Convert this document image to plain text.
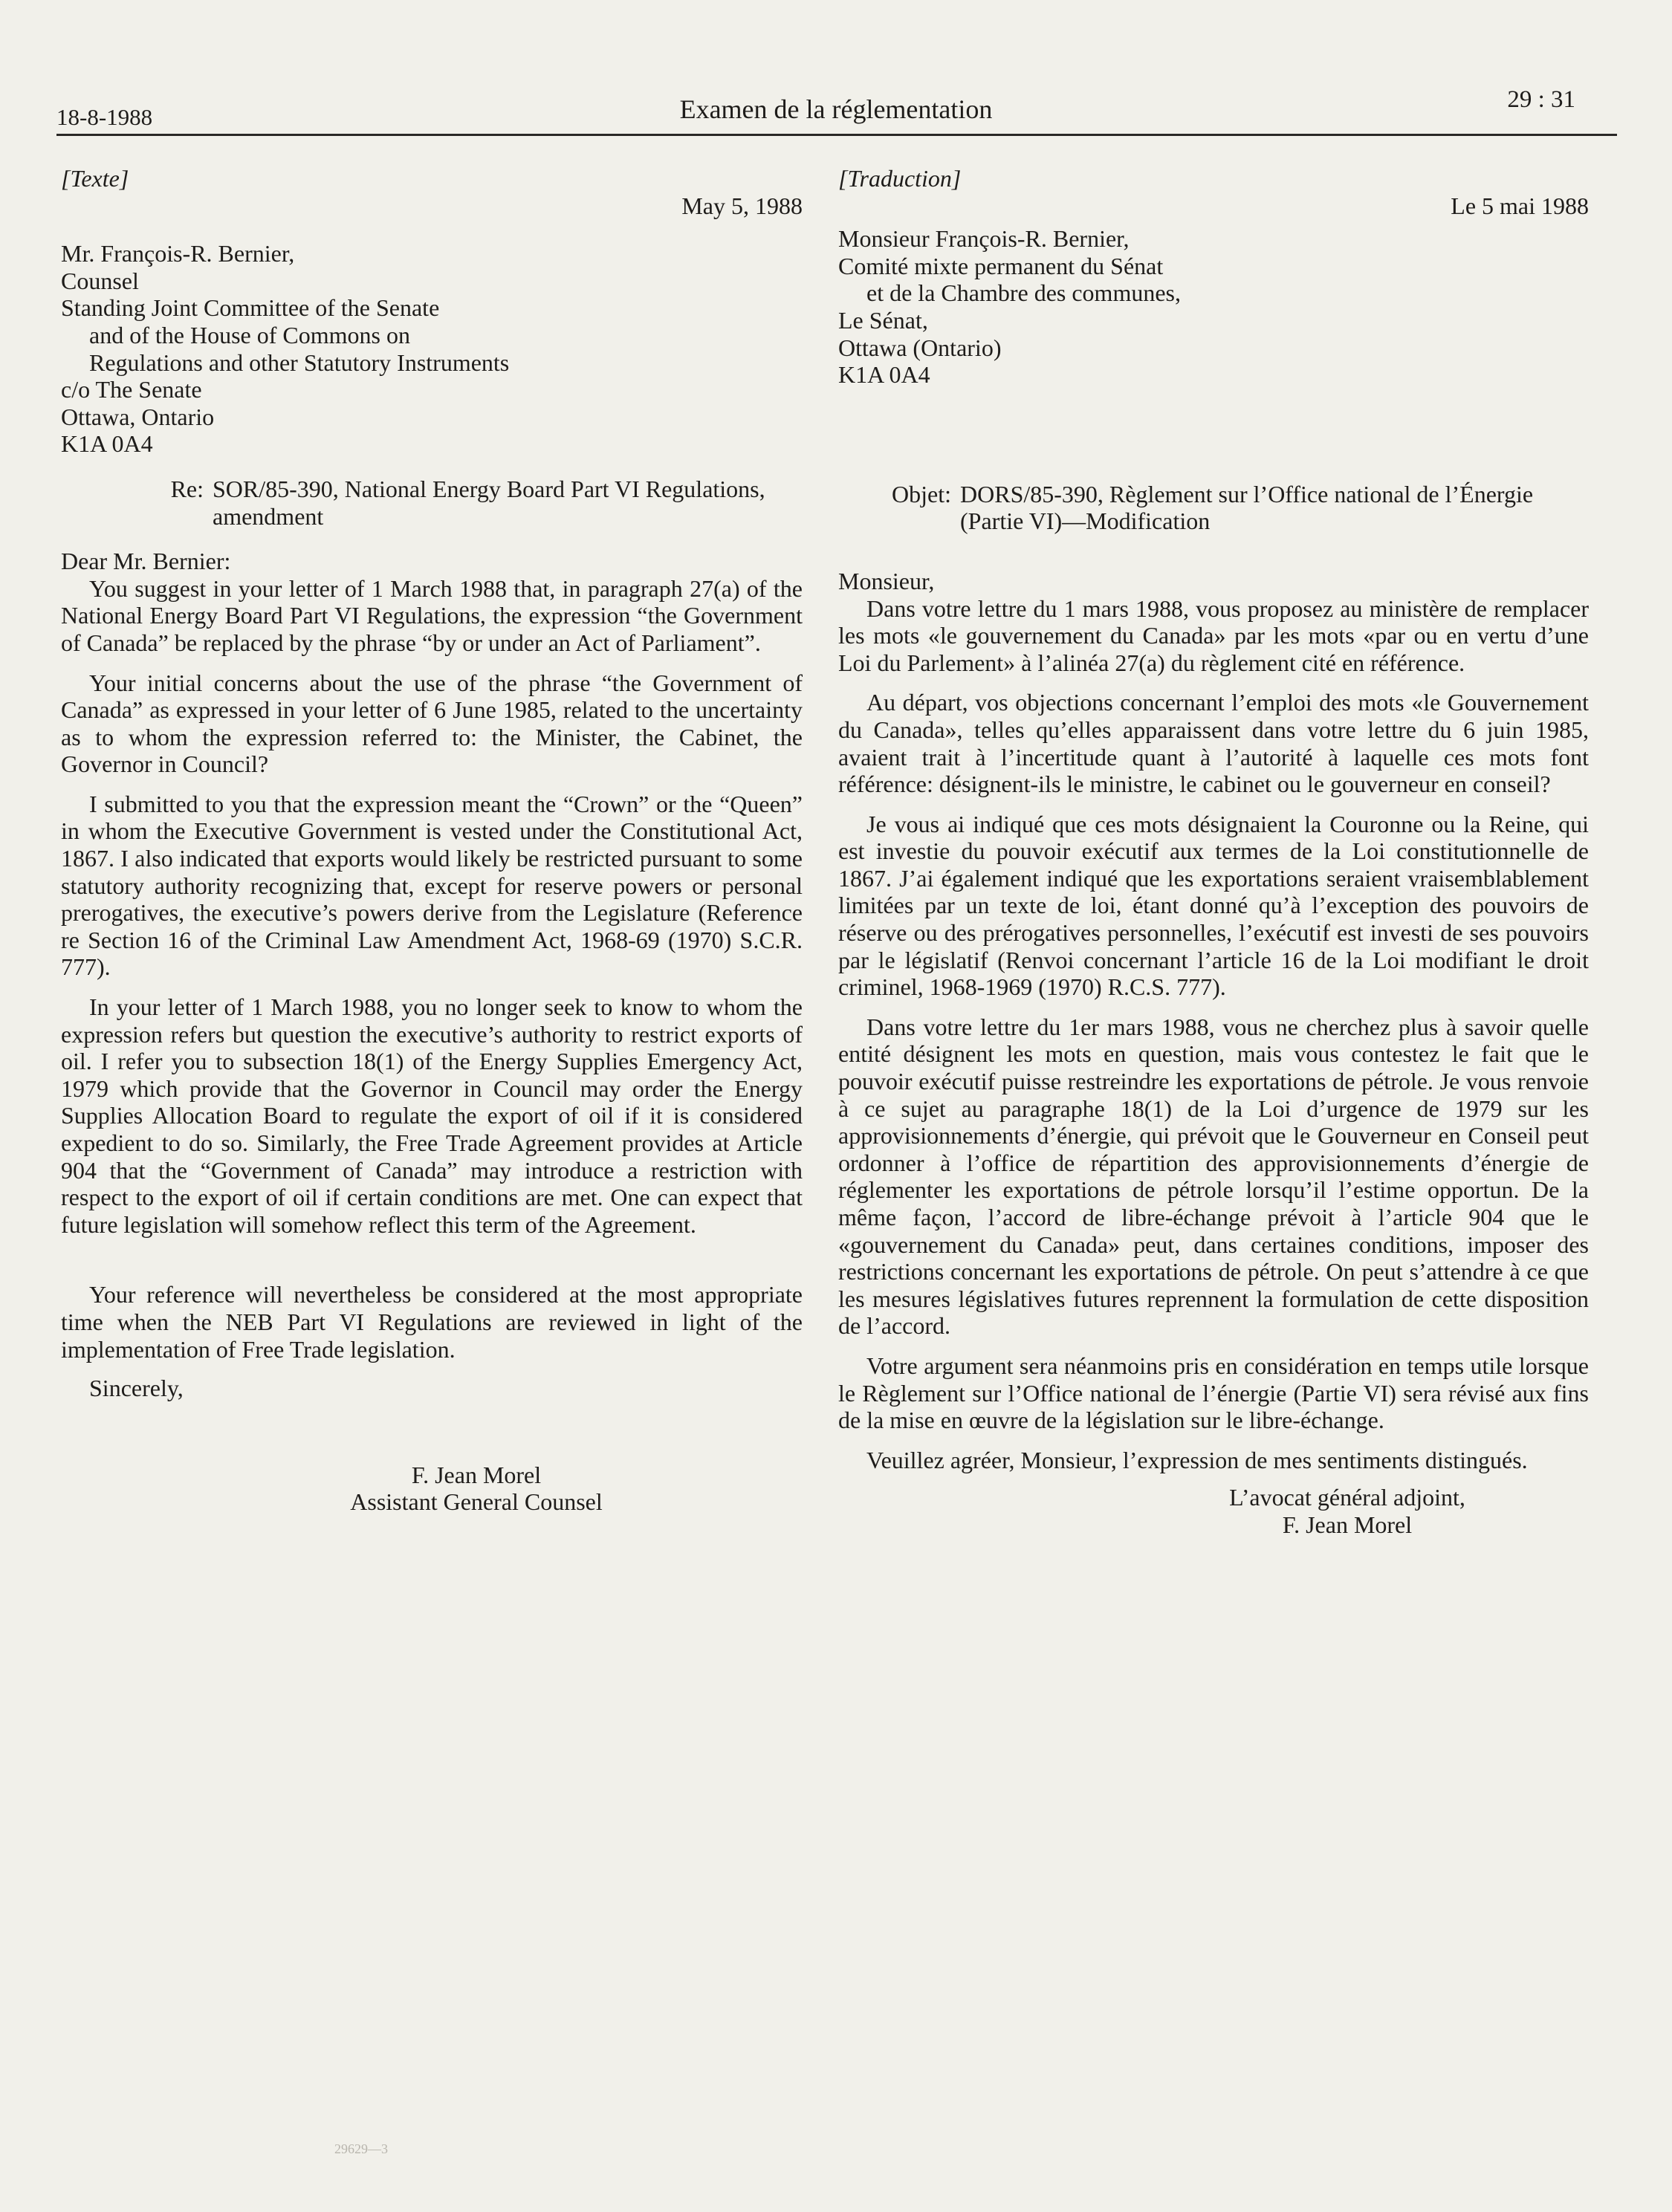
18-8-1988	Examen de la réglementation	29 : 31

[Texte]

May 5, 1988

Mr. François-R. Bernier,

Counsel

Standing Joint Committee of the Senate

and of the House of Commons on

Regulations and other Statutory Instruments

c/o The Senate

Ottawa, Ontario

K1A 0A4

Re: SOR/85-390, National Energy Board Part VI Regulations, amendment

Dear Mr. Bernier:

You suggest in your letter of 1 March 1988 that, in paragraph 27(a) of the National Energy Board Part VI Regulations, the expression “the Government of Canada” be replaced by the phrase “by or under an Act of Parliament”.

Your initial concerns about the use of the phrase “the Government of Canada” as expressed in your letter of 6 June 1985, related to the uncertainty as to whom the expression referred to: the Minister, the Cabinet, the Governor in Council?

I submitted to you that the expression meant the “Crown” or the “Queen” in whom the Executive Government is vested under the Constitutional Act, 1867. I also indicated that exports would likely be restricted pursuant to some statutory authority recognizing that, except for reserve powers or personal prerogatives, the executive’s powers derive from the Legislature (Reference re Section 16 of the Criminal Law Amendment Act, 1968-69 (1970) S.C.R. 777).

In your letter of 1 March 1988, you no longer seek to know to whom the expression refers but question the executive’s authority to restrict exports of oil. I refer you to subsection 18(1) of the Energy Supplies Emergency Act, 1979 which provide that the Governor in Council may order the Energy Supplies Allocation Board to regulate the export of oil if it is considered expedient to do so. Similarly, the Free Trade Agreement provides at Article 904 that the “Government of Canada” may introduce a restriction with respect to the export of oil if certain conditions are met. One can expect that future legislation will somehow reflect this term of the Agreement.

Your reference will nevertheless be considered at the most appropriate time when the NEB Part VI Regulations are reviewed in light of the implementation of Free Trade legislation.

Sincerely,

F. Jean Morel

Assistant General Counsel

[Traduction]

Le 5 mai 1988

Monsieur François-R. Bernier,

Comité mixte permanent du Sénat

et de la Chambre des communes,

Le Sénat,

Ottawa (Ontario)

K1A 0A4

Objet: DORS/85-390, Règlement sur l’Office national de l’Énergie (Partie VI)—Modification

Monsieur,

Dans votre lettre du 1 mars 1988, vous proposez au ministère de remplacer les mots «le gouvernement du Canada» par les mots «par ou en vertu d’une Loi du Parlement» à l’alinéa 27(a) du règlement cité en référence.

Au départ, vos objections concernant l’emploi des mots «le Gouvernement du Canada», telles qu’elles apparaissent dans votre lettre du 6 juin 1985, avaient trait à l’incertitude quant à l’autorité à laquelle ces mots font référence: désignent-ils le ministre, le cabinet ou le gouverneur en conseil?

Je vous ai indiqué que ces mots désignaient la Couronne ou la Reine, qui est investie du pouvoir exécutif aux termes de la Loi constitutionnelle de 1867. J’ai également indiqué que les exportations seraient vraisemblablement limitées par un texte de loi, étant donné qu’à l’exception des pouvoirs de réserve ou des prérogatives personnelles, l’exécutif est investi de ses pouvoirs par le législatif (Renvoi concernant l’article 16 de la Loi modifiant le droit criminel, 1968-1969 (1970) R.C.S. 777).

Dans votre lettre du 1er mars 1988, vous ne cherchez plus à savoir quelle entité désignent les mots en question, mais vous contestez le fait que le pouvoir exécutif puisse restreindre les exportations de pétrole. Je vous renvoie à ce sujet au paragraphe 18(1) de la Loi d’urgence de 1979 sur les approvisionnements d’énergie, qui prévoit que le Gouverneur en Conseil peut ordonner à l’office de répartition des approvisionnements d’énergie de réglementer les exportations de pétrole lorsqu’il l’estime opportun. De la même façon, l’accord de libre-échange prévoit à l’article 904 que le «gouvernement du Canada» peut, dans certaines conditions, imposer des restrictions concernant les exportations de pétrole. On peut s’attendre à ce que les mesures législatives futures reprennent la formulation de cette disposition de l’accord.

Votre argument sera néanmoins pris en considération en temps utile lorsque le Règlement sur l’Office national de l’énergie (Partie VI) sera révisé aux fins de la mise en œuvre de la législation sur le libre-échange.

Veuillez agréer, Monsieur, l’expression de mes sentiments distingués.

L’avocat général adjoint,

F. Jean Morel

29629—3
